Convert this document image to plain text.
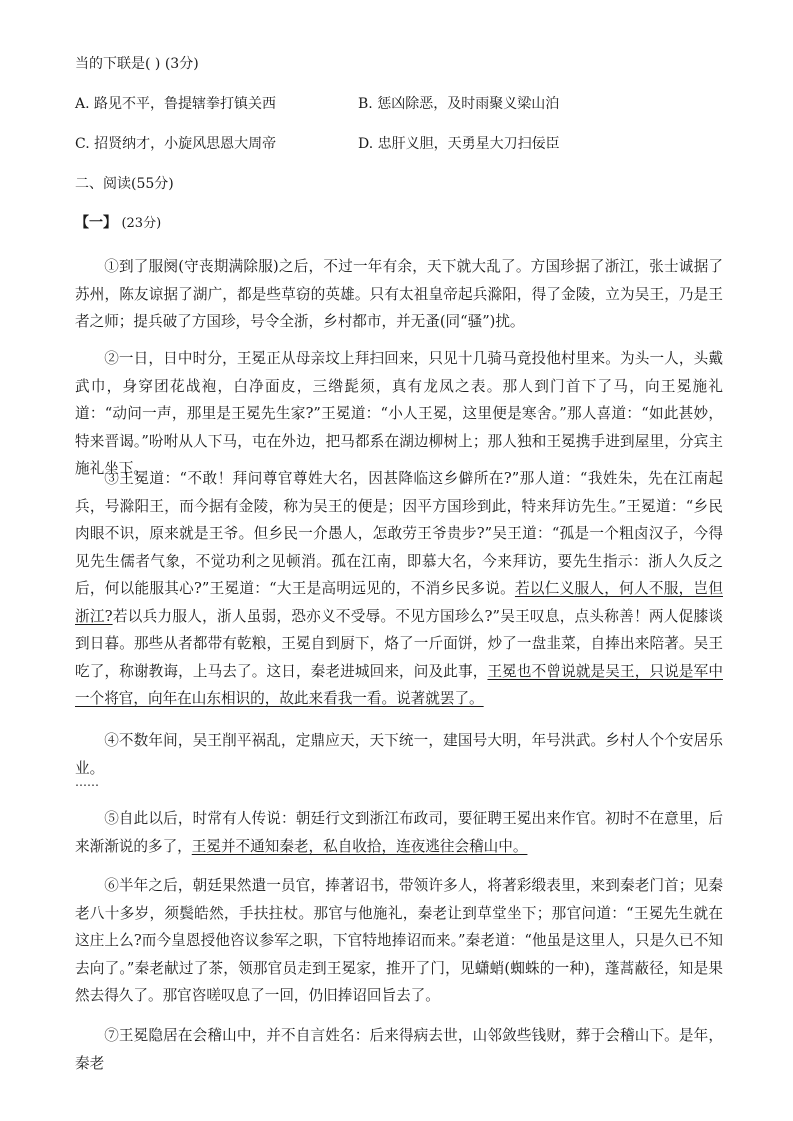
当的下联是( ) (3分)

A. 路见不平，鲁提辖拳打镇关西	B. 惩凶除恶，及时雨聚义梁山泊
C. 招贤纳才，小旋风思恩大周帝	D. 忠肝义胆，天勇星大刀扫佞臣

二、阅读(55分)

【一】 (23分)

①到了服阕(守丧期满除服)之后，不过一年有余，天下就大乱了。方国珍据了浙江，张士诚据了苏州，陈友谅据了湖广，都是些草窃的英雄。只有太祖皇帝起兵滁阳，得了金陵，立为吴王，乃是王者之师；提兵破了方国珍，号令全浙，乡村都市，并无蚤(同“骚”)扰。

②一日，日中时分，王冕正从母亲坟上拜扫回来，只见十几骑马竟投他村里来。为头一人，头戴武巾，身穿团花战袍，白净面皮，三绺髭须，真有龙凤之表。那人到门首下了马，向王冕施礼道：“动问一声，那里是王冕先生家?”王冕道：“小人王冕，这里便是寒舍。”那人喜道：“如此甚妙，特来晋谒。”吩咐从人下马，屯在外边，把马都系在湖边柳树上；那人独和王冕携手进到屋里，分宾主施礼坐下。

③王冕道：“不敢！拜问尊官尊姓大名，因甚降临这乡僻所在?”那人道：“我姓朱，先在江南起兵，号滁阳王，而今据有金陵，称为吴王的便是；因平方国珍到此，特来拜访先生。”王冕道：“乡民肉眼不识，原来就是王爷。但乡民一介愚人，怎敢劳王爷贵步?”吴王道：“孤是一个粗卤汉子，今得见先生儒者气象，不觉功利之见顿消。孤在江南，即慕大名，今来拜访，要先生指示：浙人久反之后，何以能服其心?”王冕道：“大王是高明远见的，不消乡民多说。若以仁义服人，何人不服，岂但浙江?若以兵力服人，浙人虽弱，恐亦义不受辱。不见方国珍么?”吴王叹息，点头称善！两人促膝谈到日暮。那些从者都带有乾粮，王冕自到厨下，烙了一斤面饼，炒了一盘韭菜，自捧出来陪著。吴王吃了，称谢教诲，上马去了。这日，秦老进城回来，问及此事，王冕也不曾说就是吴王，只说是军中一个将官，向年在山东相识的，故此来看我一看。说著就罢了。

④不数年间，吴王削平祸乱，定鼎应天，天下统一，建国号大明，年号洪武。乡村人个个安居乐业。

……

⑤自此以后，时常有人传说：朝廷行文到浙江布政司，要征聘王冕出来作官。初时不在意里，后来渐渐说的多了，王冕并不通知秦老，私自收拾，连夜逃往会稽山中。

⑥半年之后，朝廷果然遣一员官，捧著诏书，带领许多人，将著彩缎表里，来到秦老门首；见秦老八十多岁，须鬓皓然，手扶拄杖。那官与他施礼，秦老让到草堂坐下；那官问道：“王冕先生就在这庄上么?而今皇恩授他咨议参军之职，下官特地捧诏而来。”秦老道：“他虽是这里人，只是久已不知去向了。”秦老献过了茶，领那官员走到王冕家，推开了门，见蟏蛸(蜘蛛的一种)，蓬蒿蔽径，知是果然去得久了。那官咨嗟叹息了一回，仍旧捧诏回旨去了。

⑦王冕隐居在会稽山中，并不自言姓名：后来得病去世，山邻敛些钱财，葬于会稽山下。是年，秦老
